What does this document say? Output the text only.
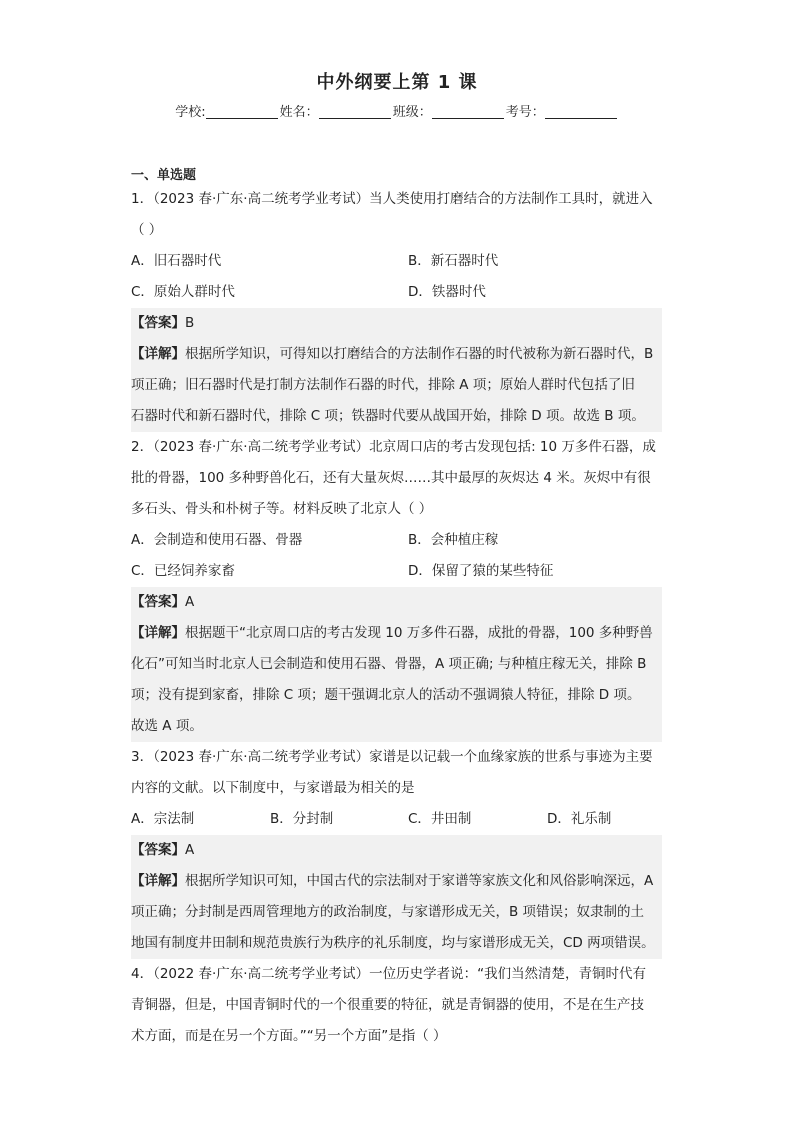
中外纲要上第 1 课
学校:	姓名：	班级：	考号：
一、单选题
1．（2023 春·广东·高二统考学业考试）当人类使用打磨结合的方法制作工具时，就进入
（ ）
A．旧石器时代	B．新石器时代
C．原始人群时代	D．铁器时代
【答案】B
【详解】根据所学知识，可得知以打磨结合的方法制作石器的时代被称为新石器时代，B
项正确；旧石器时代是打制方法制作石器的时代，排除 A 项；原始人群时代包括了旧
石器时代和新石器时代，排除 C 项；铁器时代要从战国开始，排除 D 项。故选 B 项。
2．（2023 春·广东·高二统考学业考试）北京周口店的考古发现包括: 10 万多件石器，成
批的骨器，100 多种野兽化石，还有大量灰烬……其中最厚的灰烬达 4 米。灰烬中有很
多石头、骨头和朴树子等。材料反映了北京人（ ）
A．会制造和使用石器、骨器	B．会种植庄稼
C．已经饲养家畜	D．保留了猿的某些特征
【答案】A
【详解】根据题干“北京周口店的考古发现 10 万多件石器，成批的骨器，100 多种野兽
化石”可知当时北京人已会制造和使用石器、骨器，A 项正确; 与种植庄稼无关，排除 B
项；没有提到家畜，排除 C 项；题干强调北京人的活动不强调猿人特征，排除 D 项。
故选 A 项。
3．（2023 春·广东·高二统考学业考试）家谱是以记载一个血缘家族的世系与事迹为主要
内容的文献。以下制度中，与家谱最为相关的是
A．宗法制	B．分封制	C．井田制	D．礼乐制
【答案】A
【详解】根据所学知识可知，中国古代的宗法制对于家谱等家族文化和风俗影响深远，A
项正确；分封制是西周管理地方的政治制度，与家谱形成无关，B 项错误；奴隶制的土
地国有制度井田制和规范贵族行为秩序的礼乐制度，均与家谱形成无关，CD 两项错误。
4．（2022 春·广东·高二统考学业考试）一位历史学者说：“我们当然清楚，青铜时代有
青铜器，但是，中国青铜时代的一个很重要的特征，就是青铜器的使用，不是在生产技
术方面，而是在另一个方面。”“另一个方面”是指（ ）
